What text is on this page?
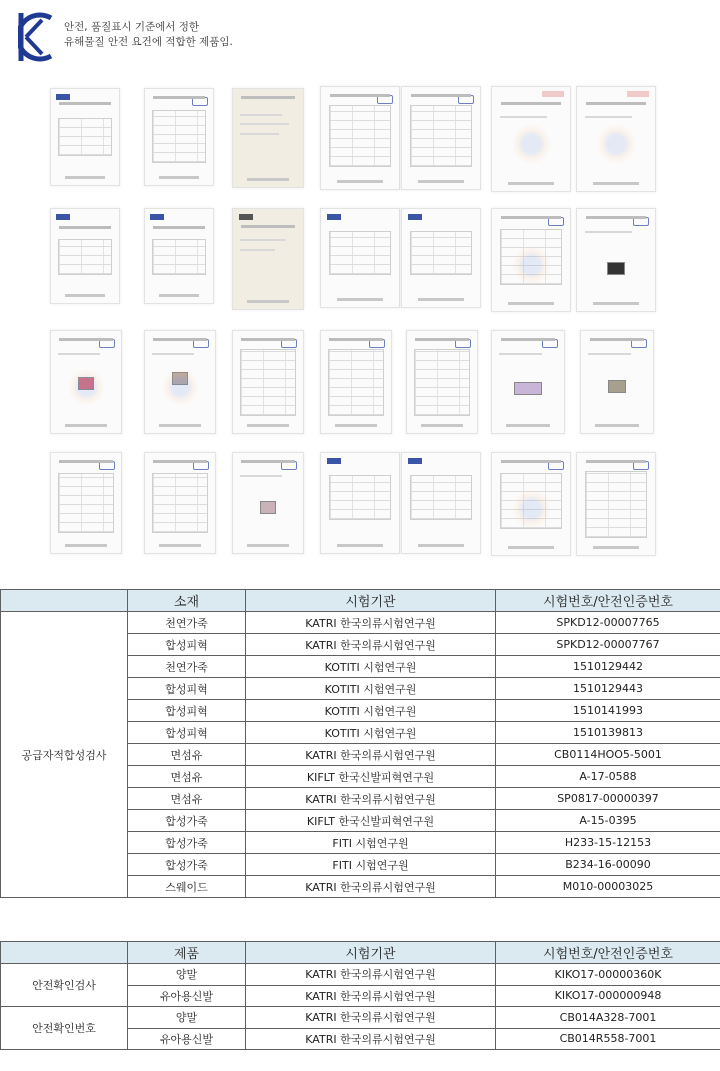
안전, 품질표시 기준에서 정한
유해물질 안전 요건에 적합한 제품임.
	소재	시험기관	시험번호/안전인증번호
공급자적합성검사	천연가죽	KATRI 한국의류시험연구원	SPKD12-00007765
	합성피혁	KATRI 한국의류시험연구원	SPKD12-00007767
	천연가죽	KOTITI 시험연구원	1510129442
	합성피혁	KOTITI 시험연구원	1510129443
	합성피혁	KOTITI 시험연구원	1510141993
	합성피혁	KOTITI 시험연구원	1510139813
	면섬유	KATRI 한국의류시험연구원	CB0114HOO5-5001
	면섬유	KIFLT 한국신발피혁연구원	A-17-0588
	면섬유	KATRI 한국의류시험연구원	SP0817-00000397
	합성가죽	KIFLT 한국신발피혁연구원	A-15-0395
	합성가죽	FITI 시험연구원	H233-15-12153
	합성가죽	FITI 시험연구원	B234-16-00090
	스웨이드	KATRI 한국의류시험연구원	M010-00003025
	제품	시험기관	시험번호/안전인증번호
안전확인검사	양말	KATRI 한국의류시험연구원	KIKO17-00000360K
	유아용신발	KATRI 한국의류시험연구원	KIKO17-000000948
안전확인번호	양말	KATRI 한국의류시험연구원	CB014A328-7001
	유아용신발	KATRI 한국의류시험연구원	CB014R558-7001
